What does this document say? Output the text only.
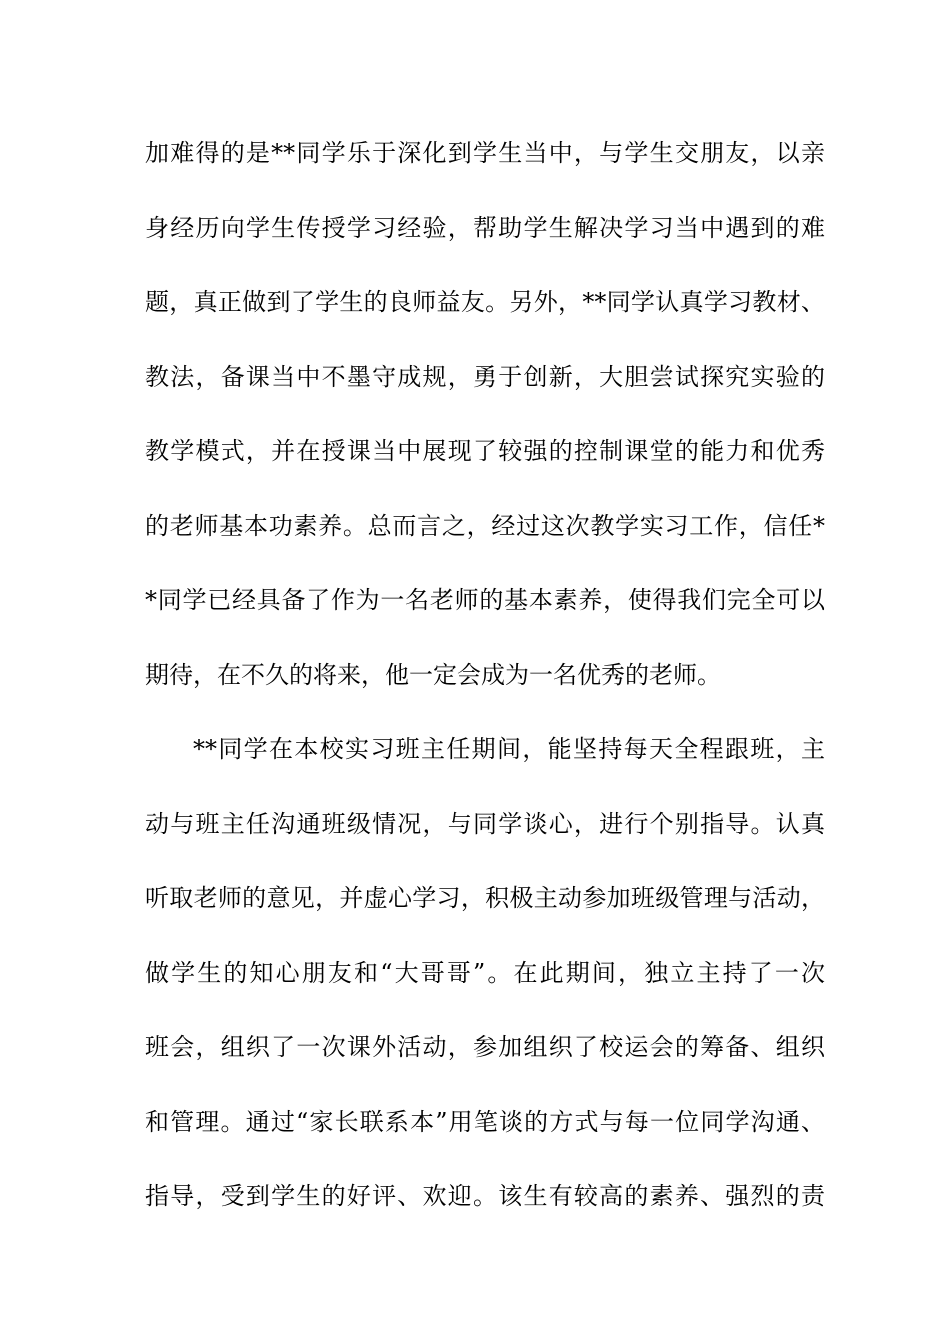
加难得的是**同学乐于深化到学生当中，与学生交朋友，以亲
身经历向学生传授学习经验，帮助学生解决学习当中遇到的难
题，真正做到了学生的良师益友。另外，**同学认真学习教材、
教法，备课当中不墨守成规，勇于创新，大胆尝试探究实验的
教学模式，并在授课当中展现了较强的控制课堂的能力和优秀
的老师基本功素养。总而言之，经过这次教学实习工作，信任*
*同学已经具备了作为一名老师的基本素养，使得我们完全可以
期待，在不久的将来，他一定会成为一名优秀的老师。
**同学在本校实习班主任期间，能坚持每天全程跟班，主
动与班主任沟通班级情况，与同学谈心，进行个别指导。认真
听取老师的意见，并虚心学习，积极主动参加班级管理与活动，
做学生的知心朋友和“大哥哥”。在此期间，独立主持了一次
班会，组织了一次课外活动，参加组织了校运会的筹备、组织
和管理。通过“家长联系本”用笔谈的方式与每一位同学沟通、
指导，受到学生的好评、欢迎。该生有较高的素养、强烈的责
